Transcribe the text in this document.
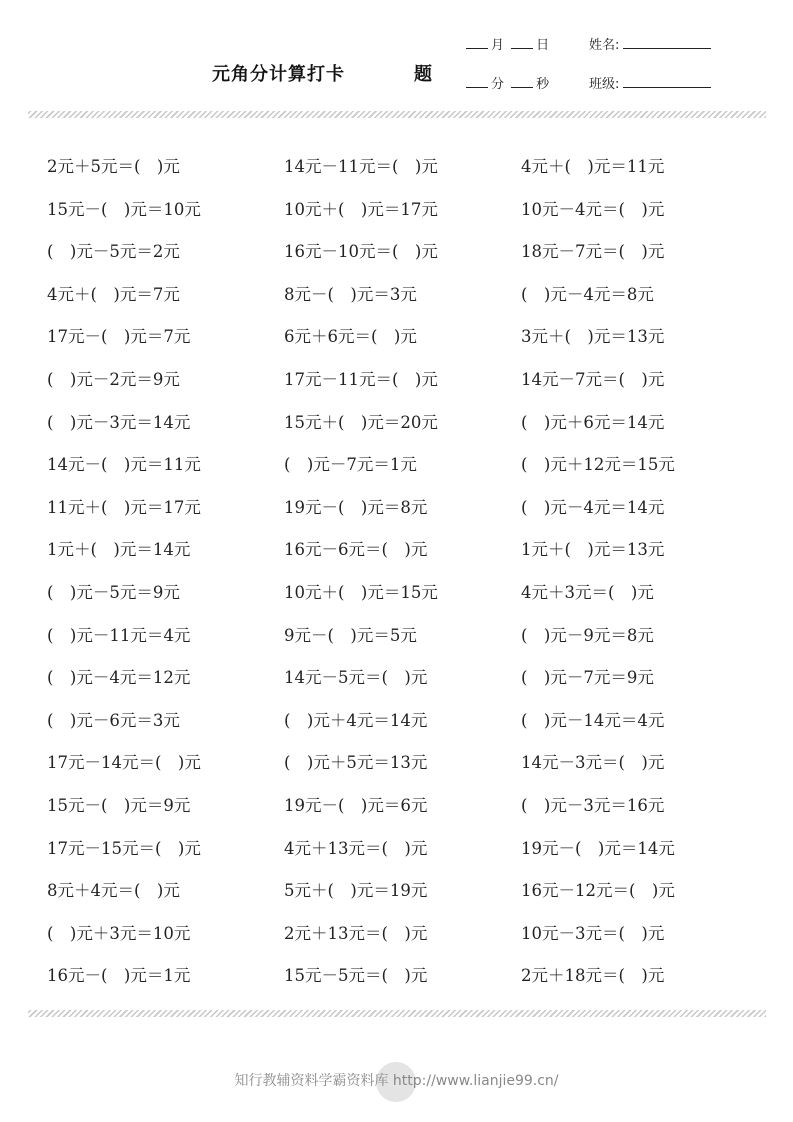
元角分计算打卡	题
月 日
分 秒
姓名:
班级:
2元＋5元＝(　)元	14元－11元＝(　)元	4元＋(　)元＝11元
15元－(　)元＝10元	10元＋(　)元＝17元	10元－4元＝(　)元
(　)元－5元＝2元	16元－10元＝(　)元	18元－7元＝(　)元
4元＋(　)元＝7元	8元－(　)元＝3元	(　)元－4元＝8元
17元－(　)元＝7元	6元＋6元＝(　)元	3元＋(　)元＝13元
(　)元－2元＝9元	17元－11元＝(　)元	14元－7元＝(　)元
(　)元－3元＝14元	15元＋(　)元＝20元	(　)元＋6元＝14元
14元－(　)元＝11元	(　)元－7元＝1元	(　)元＋12元＝15元
11元＋(　)元＝17元	19元－(　)元＝8元	(　)元－4元＝14元
1元＋(　)元＝14元	16元－6元＝(　)元	1元＋(　)元＝13元
(　)元－5元＝9元	10元＋(　)元＝15元	4元＋3元＝(　)元
(　)元－11元＝4元	9元－(　)元＝5元	(　)元－9元＝8元
(　)元－4元＝12元	14元－5元＝(　)元	(　)元－7元＝9元
(　)元－6元＝3元	(　)元＋4元＝14元	(　)元－14元＝4元
17元－14元＝(　)元	(　)元＋5元＝13元	14元－3元＝(　)元
15元－(　)元＝9元	19元－(　)元＝6元	(　)元－3元＝16元
17元－15元＝(　)元	4元＋13元＝(　)元	19元－(　)元＝14元
8元＋4元＝(　)元	5元＋(　)元＝19元	16元－12元＝(　)元
(　)元＋3元＝10元	2元＋13元＝(　)元	10元－3元＝(　)元
16元－(　)元＝1元	15元－5元＝(　)元	2元＋18元＝(　)元
知行教辅资料学霸资料库 http://www.lianjie99.cn/
